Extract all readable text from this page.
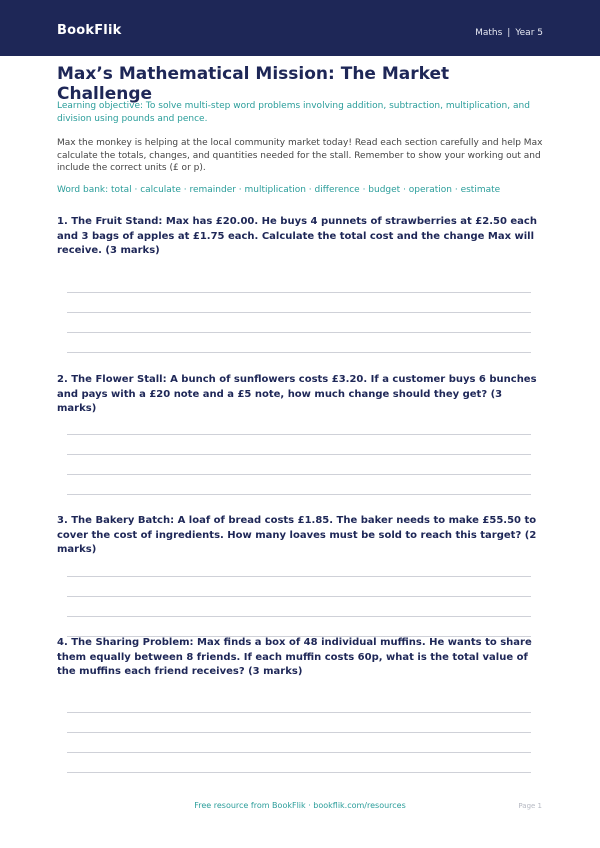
BookFlik	Maths | Year 5
Max’s Mathematical Mission: The Market Challenge

Learning objective: To solve multi-step word problems involving addition, subtraction, multiplication, and division using pounds and pence.

Max the monkey is helping at the local community market today! Read each section carefully and help Max calculate the totals, changes, and quantities needed for the stall. Remember to show your working out and include the correct units (£ or p).

Word bank: total · calculate · remainder · multiplication · difference · budget · operation · estimate

1. The Fruit Stand: Max has £20.00. He buys 4 punnets of strawberries at £2.50 each and 3 bags of apples at £1.75 each. Calculate the total cost and the change Max will receive. (3 marks)

2. The Flower Stall: A bunch of sunflowers costs £3.20. If a customer buys 6 bunches and pays with a £20 note and a £5 note, how much change should they get? (3 marks)

3. The Bakery Batch: A loaf of bread costs £1.85. The baker needs to make £55.50 to cover the cost of ingredients. How many loaves must be sold to reach this target? (2 marks)

4. The Sharing Problem: Max finds a box of 48 individual muffins. He wants to share them equally between 8 friends. If each muffin costs 60p, what is the total value of the muffins each friend receives? (3 marks)

Free resource from BookFlik · bookflik.com/resources	Page 1
